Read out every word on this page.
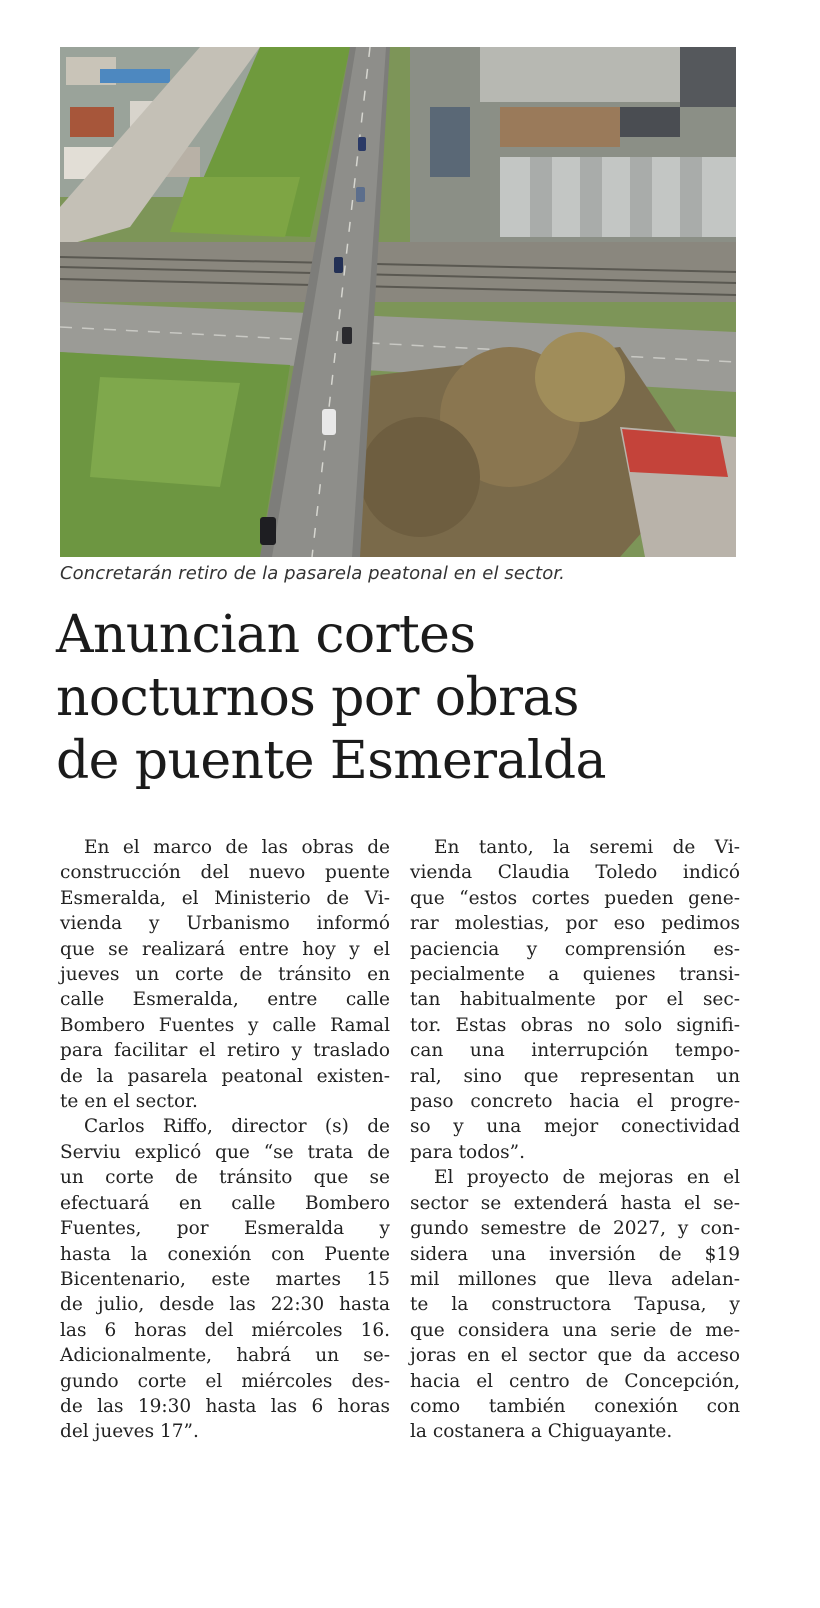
Concretarán retiro de la pasarela peatonal en el sector.
Anuncian cortes
nocturnos por obras
de puente Esmeralda

En el marco de las obras de
construcción del nuevo puente
Esmeralda, el Ministerio de Vi-
vienda y Urbanismo informó
que se realizará entre hoy y el
jueves un corte de tránsito en
calle Esmeralda, entre calle
Bombero Fuentes y calle Ramal
para facilitar el retiro y traslado
de la pasarela peatonal existen-
te en el sector.

Carlos Riffo, director (s) de
Serviu explicó que “se trata de
un corte de tránsito que se
efectuará en calle Bombero
Fuentes, por Esmeralda y
hasta la conexión con Puente
Bicentenario, este martes 15
de julio, desde las 22:30 hasta
las 6 horas del miércoles 16.
Adicionalmente, habrá un se-
gundo corte el miércoles des-
de las 19:30 hasta las 6 horas
del jueves 17”.

En tanto, la seremi de Vi-
vienda Claudia Toledo indicó
que “estos cortes pueden gene-
rar molestias, por eso pedimos
paciencia y comprensión es-
pecialmente a quienes transi-
tan habitualmente por el sec-
tor. Estas obras no solo signifi-
can una interrupción tempo-
ral, sino que representan un
paso concreto hacia el progre-
so y una mejor conectividad
para todos”.

El proyecto de mejoras en el
sector se extenderá hasta el se-
gundo semestre de 2027, y con-
sidera una inversión de $19
mil millones que lleva adelan-
te la constructora Tapusa, y
que considera una serie de me-
joras en el sector que da acceso
hacia el centro de Concepción,
como también conexión con
la costanera a Chiguayante.
